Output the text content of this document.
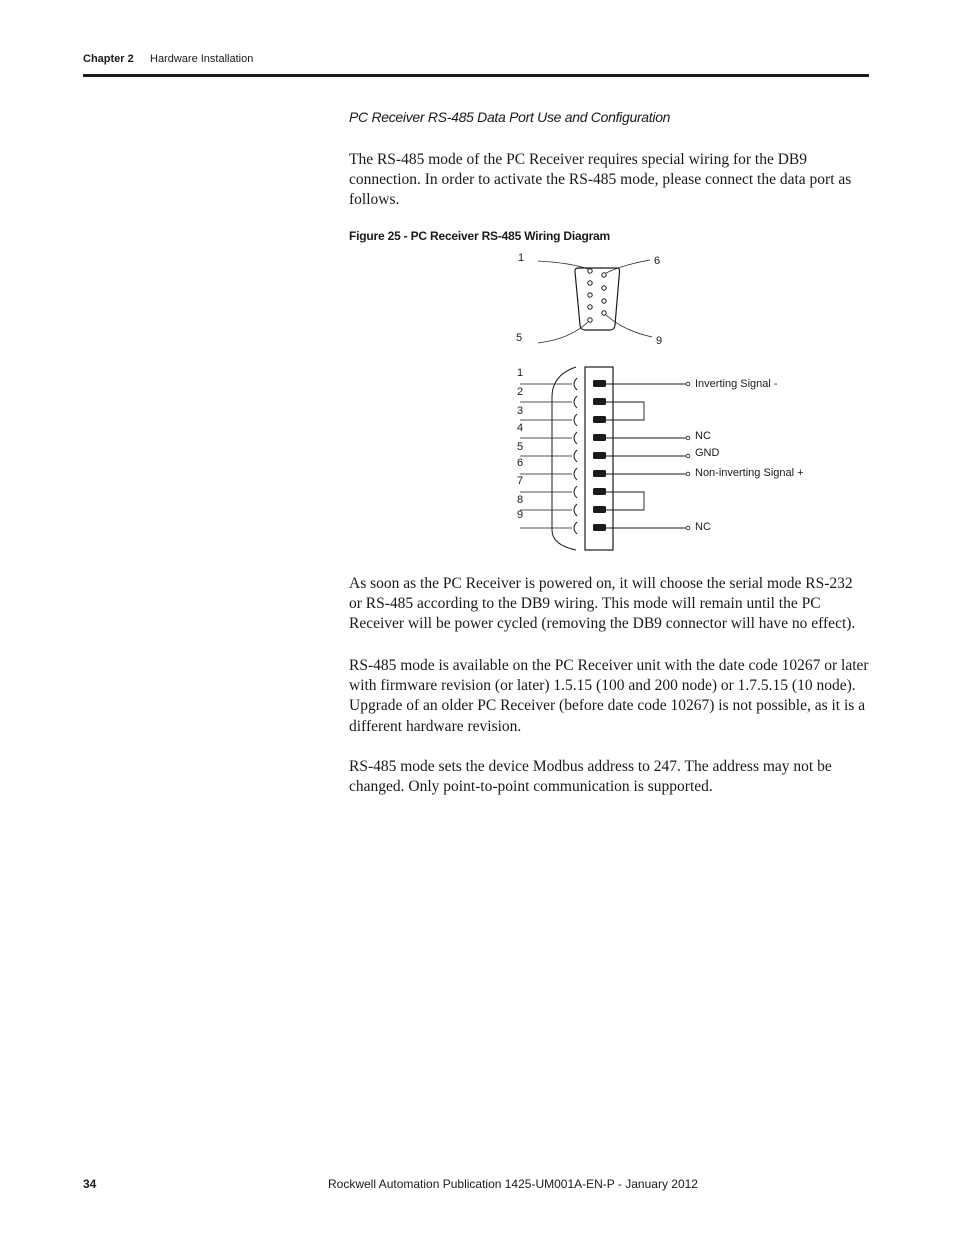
Chapter 2 Hardware Installation
PC Receiver RS-485 Data Port Use and Configuration
The RS-485 mode of the PC Receiver requires special wiring for the DB9 connection. In order to activate the RS-485 mode, please connect the data port as follows.
Figure 25 - PC Receiver RS-485 Wiring Diagram
1	6
5	9
1
2
3
4
5
6
7
8
9
Inverting Signal -
NC
GND
Non-inverting Signal +
NC
As soon as the PC Receiver is powered on, it will choose the serial mode RS-232 or RS-485 according to the DB9 wiring. This mode will remain until the PC Receiver will be power cycled (removing the DB9 connector will have no effect).
RS-485 mode is available on the PC Receiver unit with the date code 10267 or later with firmware revision (or later) 1.5.15 (100 and 200 node) or 1.7.5.15 (10 node). Upgrade of an older PC Receiver (before date code 10267) is not possible, as it is a different hardware revision.
RS-485 mode sets the device Modbus address to 247. The address may not be changed. Only point-to-point communication is supported.
34	Rockwell Automation Publication 1425-UM001A-EN-P - January 2012
